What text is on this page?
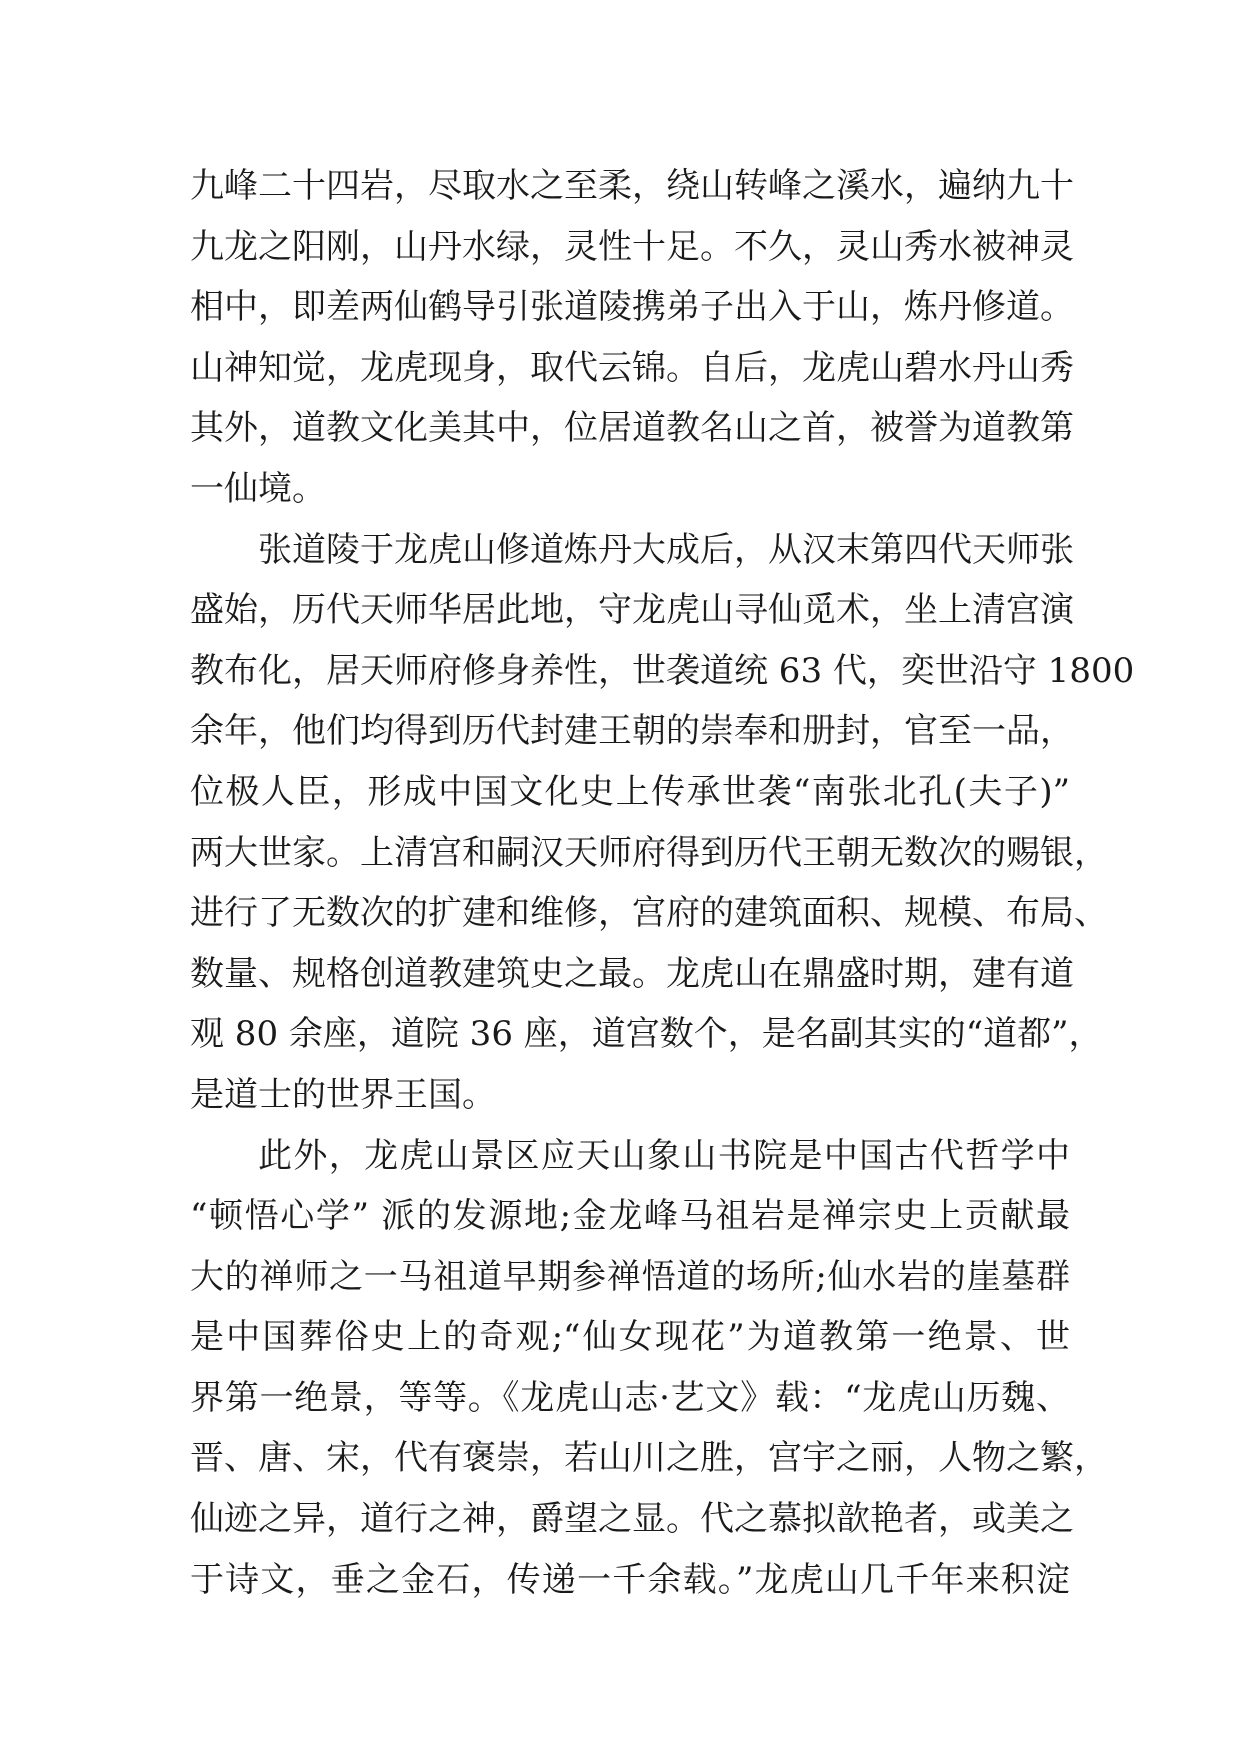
九峰二十四岩，尽取水之至柔，绕山转峰之溪水，遍纳九十
九龙之阳刚，山丹水绿，灵性十足。不久，灵山秀水被神灵
相中，即差两仙鹤导引张道陵携弟子出入于山，炼丹修道。
山神知觉，龙虎现身，取代云锦。自后，龙虎山碧水丹山秀
其外，道教文化美其中，位居道教名山之首，被誉为道教第
一仙境。
张道陵于龙虎山修道炼丹大成后，从汉末第四代天师张
盛始，历代天师华居此地，守龙虎山寻仙觅术，坐上清宫演
教布化，居天师府修身养性，世袭道统 63 代，奕世沿守 1800
余年，他们均得到历代封建王朝的崇奉和册封，官至一品，
位极人臣，形成中国文化史上传承世袭“南张北孔(夫子)”
两大世家。上清宫和嗣汉天师府得到历代王朝无数次的赐银，
进行了无数次的扩建和维修，宫府的建筑面积、规模、布局、
数量、规格创道教建筑史之最。龙虎山在鼎盛时期，建有道
观 80 余座，道院 36 座，道宫数个，是名副其实的“道都”，
是道士的世界王国。
此外，龙虎山景区应天山象山书院是中国古代哲学中
“顿悟心学” 派的发源地;金龙峰马祖岩是禅宗史上贡献最
大的禅师之一马祖道早期参禅悟道的场所;仙水岩的崖墓群
是中国葬俗史上的奇观;“仙女现花”为道教第一绝景、世
界第一绝景，等等。《龙虎山志·艺文》载：“龙虎山历魏、
晋、唐、宋，代有褒崇，若山川之胜，宫宇之丽，人物之繁，
仙迹之异，道行之神，爵望之显。代之慕拟歆艳者，或美之
于诗文，垂之金石，传递一千余载。”龙虎山几千年来积淀
